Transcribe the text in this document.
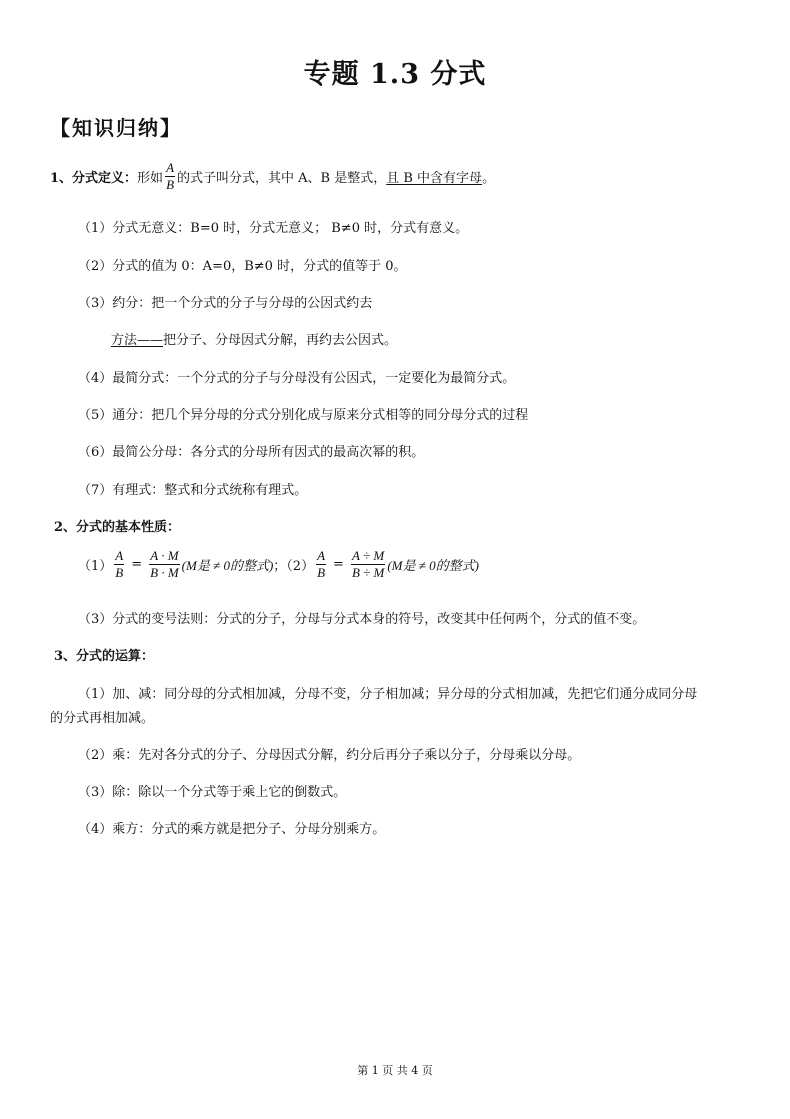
专题 1.3 分式
【知识归纳】
1、分式定义： 形如 $\frac{A}{B}$ 的式子叫分式，其中 A、B 是整式， 且 B 中含有字母 。
（1）分式无意义：B=0 时，分式无意义； B≠0 时，分式有意义。
（2）分式的值为 0：A=0，B≠0 时，分式的值等于 0。
（3）约分：把一个分式的分子与分母的公因式约去
方法——把分子、分母因式分解，再约去公因式。
（4）最简分式：一个分式的分子与分母没有公因式，一定要化为最简分式。
（5）通分：把几个异分母的分式分别化成与原来分式相等的同分母分式的过程
（6）最简公分母：各分式的分母所有因式的最高次幂的积。
（7）有理式：整式和分式统称有理式。
2、分式的基本性质：
$(1) \frac{A}{B} = \frac{A \cdot M}{B \cdot M} (M$是 ≠ 0的整式) ；$(2) \frac{A}{B} = \frac{A \div M}{B \div M} (M$是 ≠ 0的整式)
（3）分式的变号法则：分式的分子，分母与分式本身的符号，改变其中任何两个，分式的值不变。
3、分式的运算：
（1）加、减：同分母的分式相加减，分母不变，分子相加减；异分母的分式相加减，先把它们通分成同分母
的分式再相加减。
（2）乘：先对各分式的分子、分母因式分解，约分后再分子乘以分子，分母乘以分母。
（3）除：除以一个分式等于乘上它的倒数式。
（4）乘方：分式的乘方就是把分子、分母分别乘方。
第 1 页 共 4 页
